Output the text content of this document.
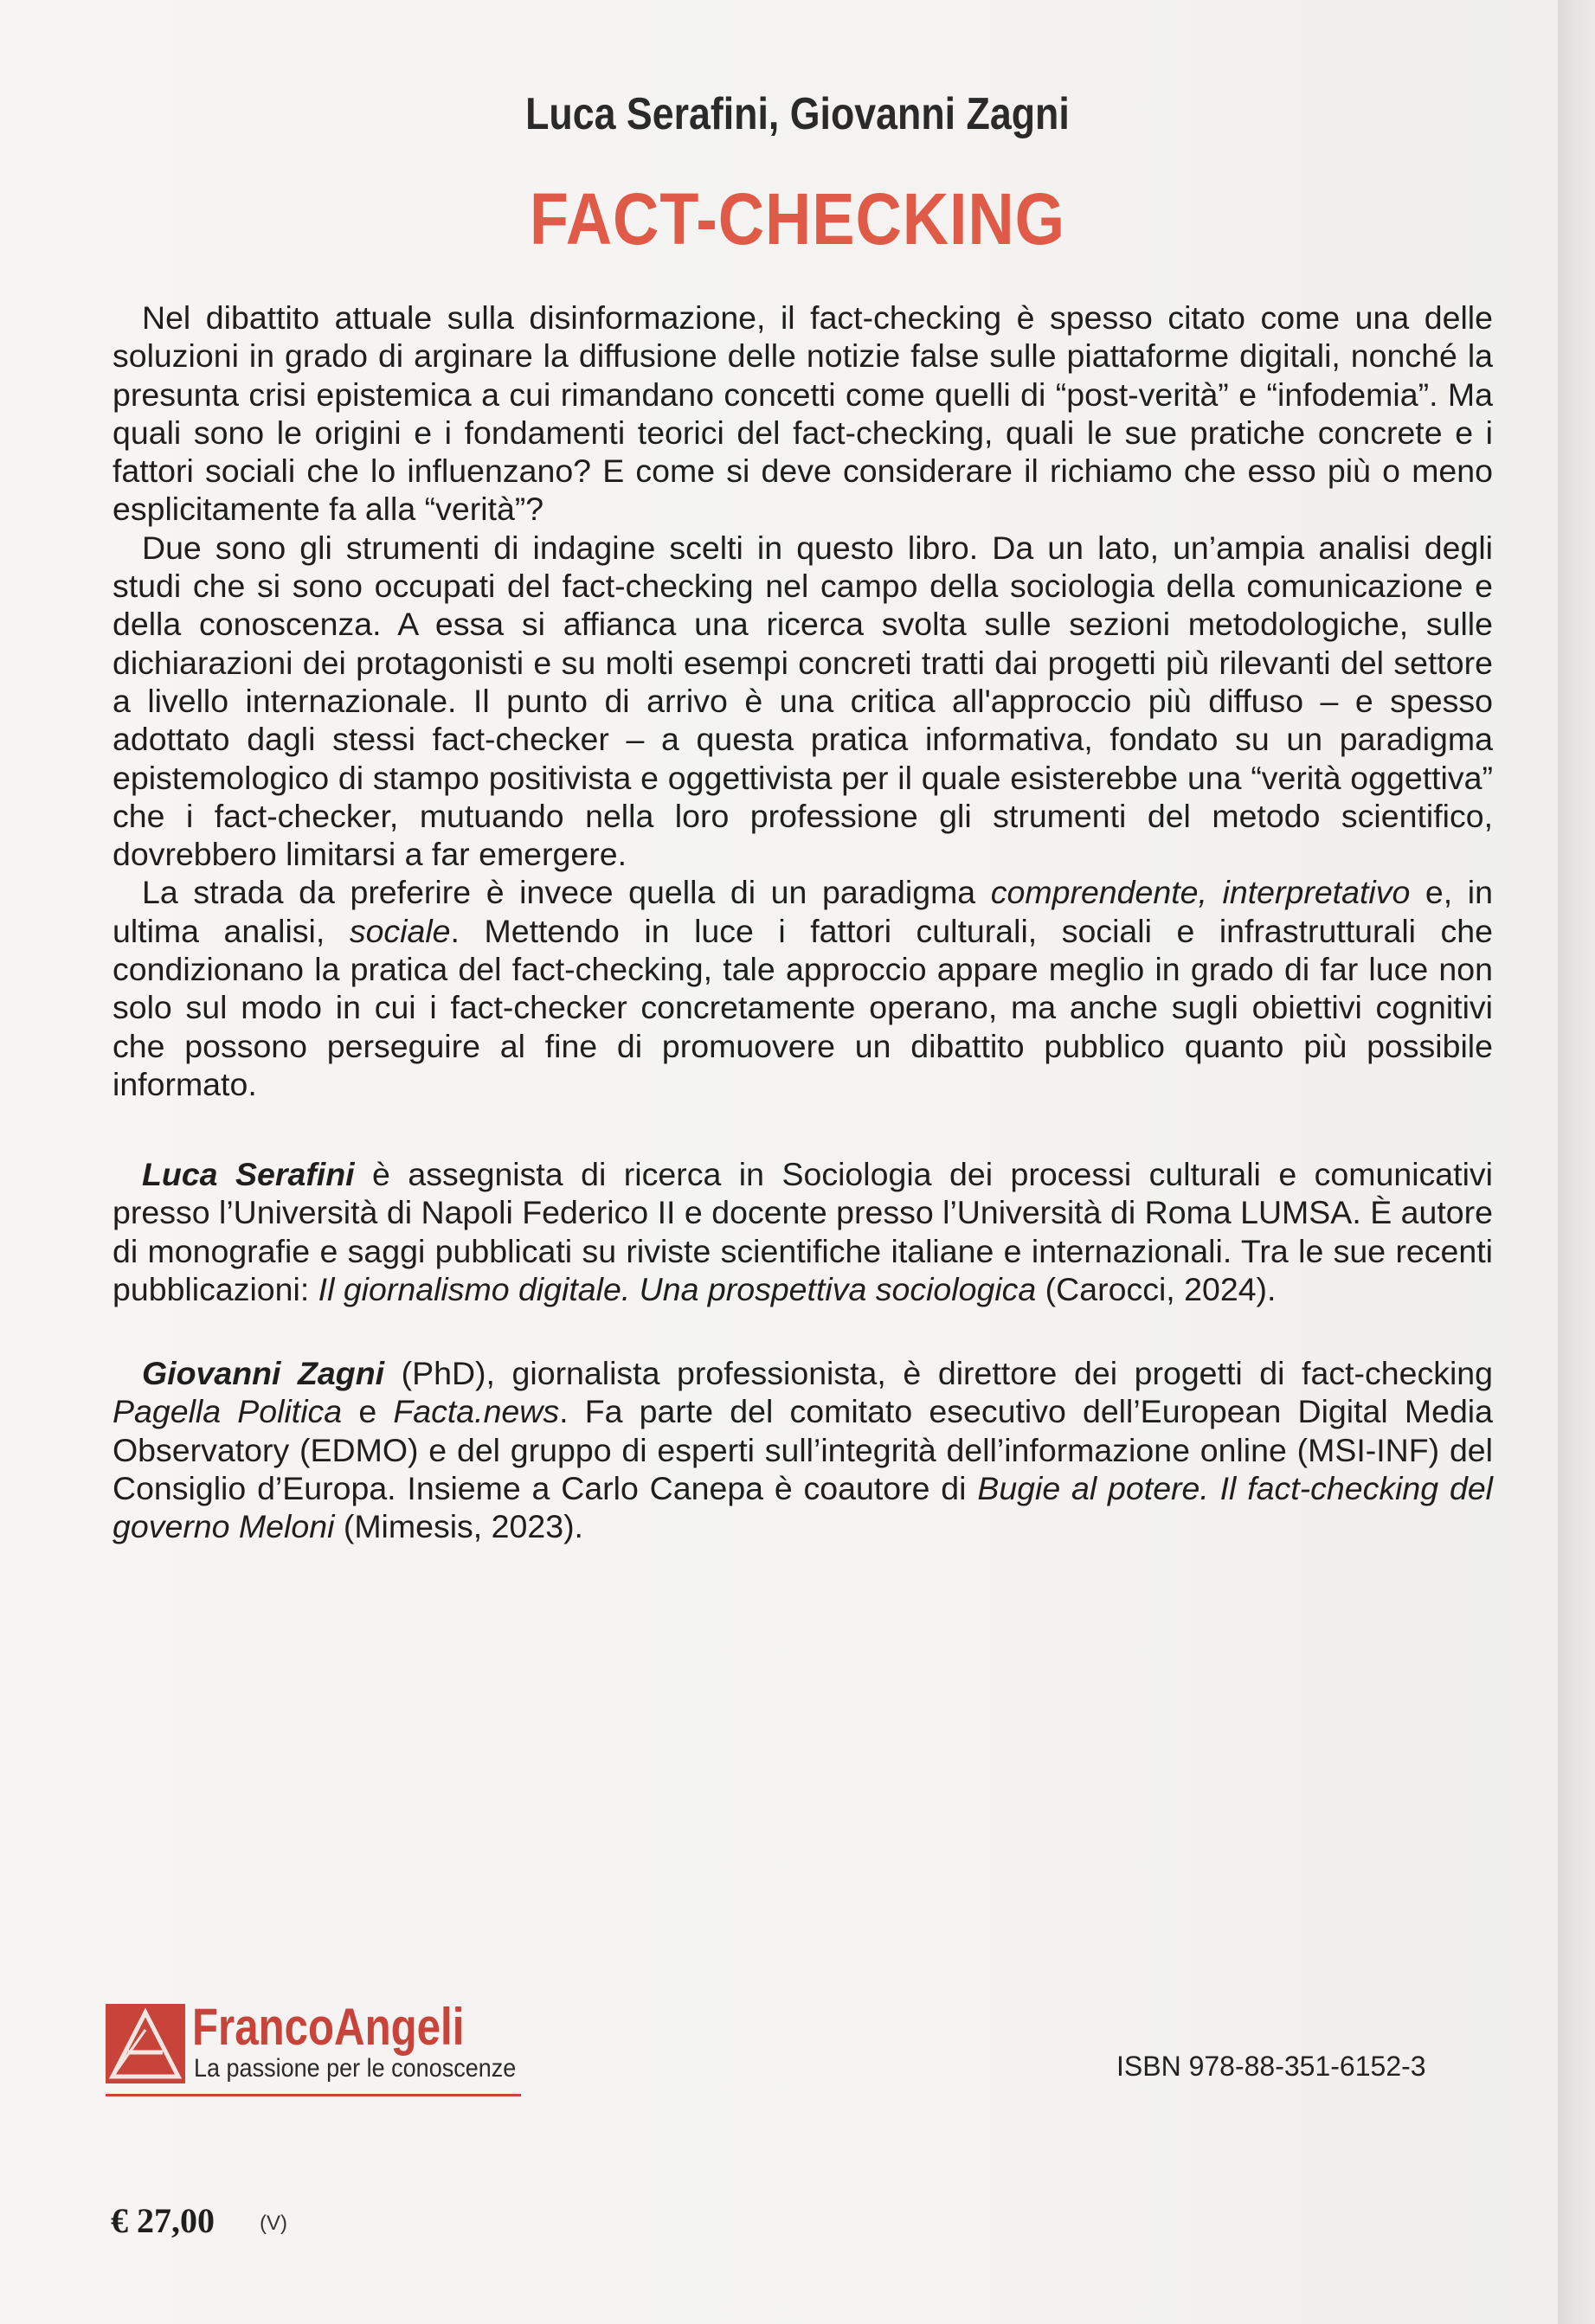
Luca Serafini, Giovanni Zagni
FACT-CHECKING

Nel dibattito attuale sulla disinformazione, il fact-checking è spesso citato come una delle soluzioni in grado di arginare la diffusione delle notizie false sulle piattaforme digitali, nonché la presunta crisi epistemica a cui rimandano concetti come quelli di “post-verità” e “infodemia”. Ma quali sono le origini e i fondamenti teorici del fact-checking, quali le sue pratiche concrete e i fattori sociali che lo influenzano? E come si deve considerare il richiamo che esso più o meno esplicitamente fa alla “verità”?

Due sono gli strumenti di indagine scelti in questo libro. Da un lato, un’ampia analisi degli studi che si sono occupati del fact-checking nel campo della sociologia della comunicazione e della conoscenza. A essa si affianca una ricerca svolta sulle sezioni metodologiche, sulle dichiarazioni dei protagonisti e su molti esempi concreti tratti dai progetti più rilevanti del settore a livello internazionale. Il punto di arrivo è una critica all'approccio più diffuso – e spesso adottato dagli stessi fact-checker – a questa pratica informativa, fondato su un paradigma epistemologico di stampo positivista e oggettivista per il quale esisterebbe una “verità oggettiva” che i fact-checker, mutuando nella loro professione gli strumenti del metodo scientifico, dovrebbero limitarsi a far emergere.

La strada da preferire è invece quella di un paradigma comprendente, interpretativo e, in ultima analisi, sociale. Mettendo in luce i fattori culturali, sociali e infrastrutturali che condizionano la pratica del fact-checking, tale approccio appare meglio in grado di far luce non solo sul modo in cui i fact-checker concretamente operano, ma anche sugli obiettivi cognitivi che possono perseguire al fine di promuovere un dibattito pubblico quanto più possibile informato.

Luca Serafini è assegnista di ricerca in Sociologia dei processi culturali e comunicativi presso l’Università di Napoli Federico II e docente presso l’Università di Roma LUMSA. È autore di monografie e saggi pubblicati su riviste scientifiche italiane e internazionali. Tra le sue recenti pubblicazioni: Il giornalismo digitale. Una prospettiva sociologica (Carocci, 2024).

Giovanni Zagni (PhD), giornalista professionista, è direttore dei progetti di fact-checking Pagella Politica e Facta.news. Fa parte del comitato esecutivo dell’European Digital Media Observatory (EDMO) e del gruppo di esperti sull’integrità dell’informazione online (MSI-INF) del Consiglio d’Europa. Insieme a Carlo Canepa è coautore di Bugie al potere. Il fact-checking del governo Meloni (Mimesis, 2023).

FrancoAngeli
La passione per le conoscenze	ISBN 978-88-351-6152-3
€ 27,00 (V)
